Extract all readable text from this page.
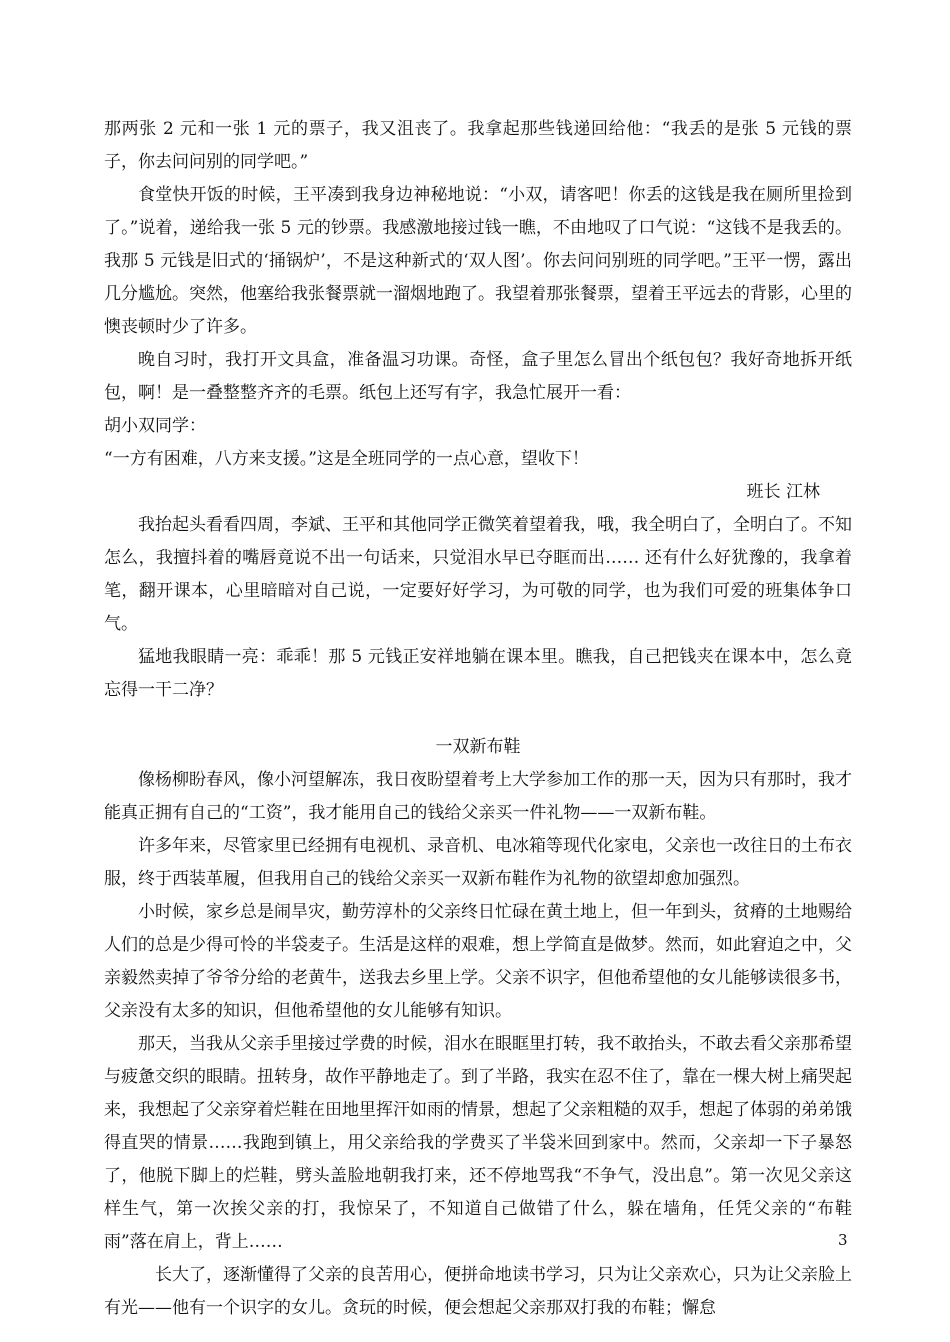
那两张 2 元和一张 1 元的票子，我又沮丧了。我拿起那些钱递回给他：“我丢的是张 5 元钱的票子，你去问问别的同学吧。”

食堂快开饭的时候，王平凑到我身边神秘地说：“小双，请客吧！你丢的这钱是我在厕所里捡到了。”说着，递给我一张 5 元的钞票。我感激地接过钱一瞧，不由地叹了口气说：“这钱不是我丢的。我那 5 元钱是旧式的‘捅锅炉’，不是这种新式的‘双人图’。你去问问别班的同学吧。”王平一愣，露出几分尴尬。突然，他塞给我张餐票就一溜烟地跑了。我望着那张餐票，望着王平远去的背影，心里的懊丧顿时少了许多。

晚自习时，我打开文具盒，准备温习功课。奇怪，盒子里怎么冒出个纸包包？我好奇地拆开纸包，啊！是一叠整整齐齐的毛票。纸包上还写有字，我急忙展开一看：

胡小双同学：

“一方有困难，八方来支援。”这是全班同学的一点心意，望收下！

班长 江林

我抬起头看看四周，李斌、王平和其他同学正微笑着望着我，哦，我全明白了，全明白了。不知怎么，我擅抖着的嘴唇竟说不出一句话来，只觉泪水早已夺眶而出…… 还有什么好犹豫的，我拿着笔，翻开课本，心里暗暗对自己说，一定要好好学习，为可敬的同学，也为我们可爱的班集体争口气。

猛地我眼睛一亮：乖乖！那 5 元钱正安祥地躺在课本里。瞧我，自己把钱夹在课本中，怎么竟忘得一干二净？

一双新布鞋

像杨柳盼春风，像小河望解冻，我日夜盼望着考上大学参加工作的那一天，因为只有那时，我才能真正拥有自己的“工资”，我才能用自己的钱给父亲买一件礼物——一双新布鞋。

许多年来，尽管家里已经拥有电视机、录音机、电冰箱等现代化家电，父亲也一改往日的土布衣服，终于西装革履，但我用自己的钱给父亲买一双新布鞋作为礼物的欲望却愈加强烈。

小时候，家乡总是闹旱灾，勤劳淳朴的父亲终日忙碌在黄土地上，但一年到头，贫瘠的土地赐给人们的总是少得可怜的半袋麦子。生活是这样的艰难，想上学简直是做梦。然而，如此窘迫之中，父亲毅然卖掉了爷爷分给的老黄牛，送我去乡里上学。父亲不识字，但他希望他的女儿能够读很多书，父亲没有太多的知识，但他希望他的女儿能够有知识。

那天，当我从父亲手里接过学费的时候，泪水在眼眶里打转，我不敢抬头，不敢去看父亲那希望与疲惫交织的眼睛。扭转身，故作平静地走了。到了半路，我实在忍不住了，靠在一棵大树上痛哭起来，我想起了父亲穿着烂鞋在田地里挥汗如雨的情景，想起了父亲粗糙的双手，想起了体弱的弟弟饿得直哭的情景……我跑到镇上，用父亲给我的学费买了半袋米回到家中。然而，父亲却一下子暴怒了，他脱下脚上的烂鞋，劈头盖脸地朝我打来，还不停地骂我“不争气，没出息”。第一次见父亲这样生气，第一次挨父亲的打，我惊呆了，不知道自己做错了什么，躲在墙角，任凭父亲的“布鞋雨”落在肩上，背上……

长大了，逐渐懂得了父亲的良苦用心，便拼命地读书学习，只为让父亲欢心，只为让父亲脸上有光——他有一个识字的女儿。贪玩的时候，便会想起父亲那双打我的布鞋；懈怠

3
